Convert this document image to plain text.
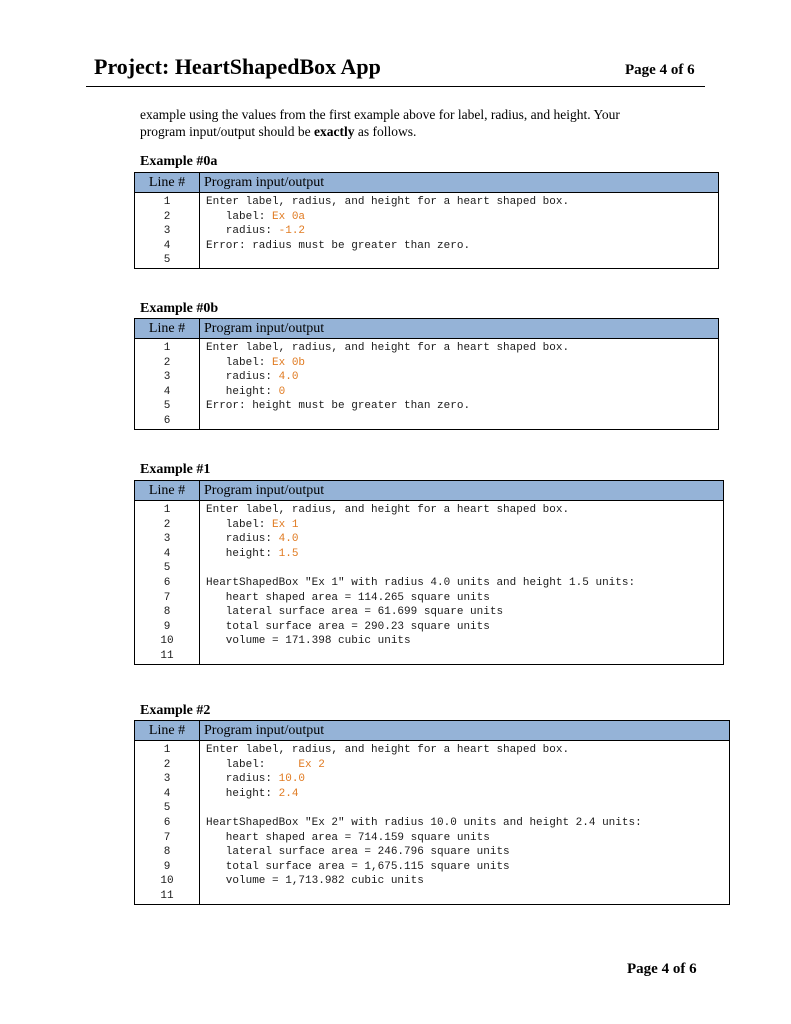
Project: HeartShapedBox App	Page 4 of 6

example using the values from the first example above for label, radius, and height. Your

program input/output should be exactly as follows.

Example #0a
Line #	Program input/output
1	Enter label, radius, and height for a heart shaped box.
2	label: Ex 0a
3	radius: -1.2
4	Error: radius must be greater than zero.
5	
Example #0b
Line #	Program input/output
1	Enter label, radius, and height for a heart shaped box.
2	label: Ex 0b
3	radius: 4.0
4	height: 0
5	Error: height must be greater than zero.
6	
Example #1
Line #	Program input/output
1	Enter label, radius, and height for a heart shaped box.
2	label: Ex 1
3	radius: 4.0
4	height: 1.5
5	
6	HeartShapedBox "Ex 1" with radius 4.0 units and height 1.5 units:
7	heart shaped area = 114.265 square units
8	lateral surface area = 61.699 square units
9	total surface area = 290.23 square units
10	volume = 171.398 cubic units
11	
Example #2
Line #	Program input/output
1	Enter label, radius, and height for a heart shaped box.
2	label:     Ex 2
3	radius: 10.0
4	height: 2.4
5	
6	HeartShapedBox "Ex 2" with radius 10.0 units and height 2.4 units:
7	heart shaped area = 714.159 square units
8	lateral surface area = 246.796 square units
9	total surface area = 1,675.115 square units
10	volume = 1,713.982 cubic units
11	
Page 4 of 6
